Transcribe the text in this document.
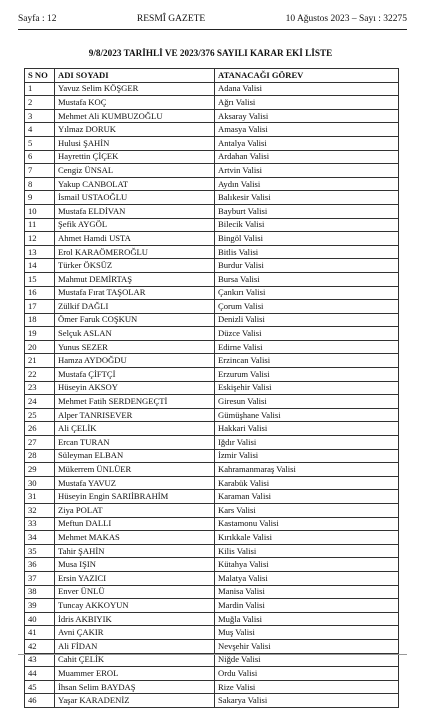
Sayfa : 12	RESMÎ GAZETE	10 Ağustos 2023 – Sayı : 32275
9/8/2023 TARİHLİ VE 2023/376 SAYILI KARAR EKİ LİSTE
S NO	ADI SOYADI	ATANACAĞI GÖREV
1	Yavuz Selim KÖŞGER	Adana Valisi
2	Mustafa KOÇ	Ağrı Valisi
3	Mehmet Ali KUMBUZOĞLU	Aksaray Valisi
4	Yılmaz DORUK	Amasya Valisi
5	Hulusi ŞAHİN	Antalya Valisi
6	Hayrettin ÇİÇEK	Ardahan Valisi
7	Cengiz ÜNSAL	Artvin Valisi
8	Yakup CANBOLAT	Aydın Valisi
9	İsmail USTAOĞLU	Balıkesir Valisi
10	Mustafa ELDİVAN	Bayburt Valisi
11	Şefik AYGÖL	Bilecik Valisi
12	Ahmet Hamdi USTA	Bingöl Valisi
13	Erol KARAÖMEROĞLU	Bitlis Valisi
14	Türker ÖKSÜZ	Burdur Valisi
15	Mahmut DEMİRTAŞ	Bursa Valisi
16	Mustafa Fırat TAŞOLAR	Çankırı Valisi
17	Zülkif DAĞLI	Çorum Valisi
18	Ömer Faruk COŞKUN	Denizli Valisi
19	Selçuk ASLAN	Düzce Valisi
20	Yunus SEZER	Edirne Valisi
21	Hamza AYDOĞDU	Erzincan Valisi
22	Mustafa ÇİFTÇİ	Erzurum Valisi
23	Hüseyin AKSOY	Eskişehir Valisi
24	Mehmet Fatih SERDENGEÇTİ	Giresun Valisi
25	Alper TANRISEVER	Gümüşhane Valisi
26	Ali ÇELİK	Hakkari Valisi
27	Ercan TURAN	Iğdır Valisi
28	Süleyman ELBAN	İzmir Valisi
29	Mükerrem ÜNLÜER	Kahramanmaraş Valisi
30	Mustafa YAVUZ	Karabük Valisi
31	Hüseyin Engin SARIİBRAHİM	Karaman Valisi
32	Ziya POLAT	Kars Valisi
33	Meftun DALLI	Kastamonu Valisi
34	Mehmet MAKAS	Kırıkkale Valisi
35	Tahir ŞAHİN	Kilis Valisi
36	Musa IŞIN	Kütahya Valisi
37	Ersin YAZICI	Malatya Valisi
38	Enver ÜNLÜ	Manisa Valisi
39	Tuncay AKKOYUN	Mardin Valisi
40	İdris AKBIYIK	Muğla Valisi
41	Avni ÇAKIR	Muş Valisi
42	Ali FİDAN	Nevşehir Valisi
43	Cahit ÇELİK	Niğde Valisi
44	Muammer EROL	Ordu Valisi
45	İhsan Selim BAYDAŞ	Rize Valisi
46	Yaşar KARADENİZ	Sakarya Valisi
